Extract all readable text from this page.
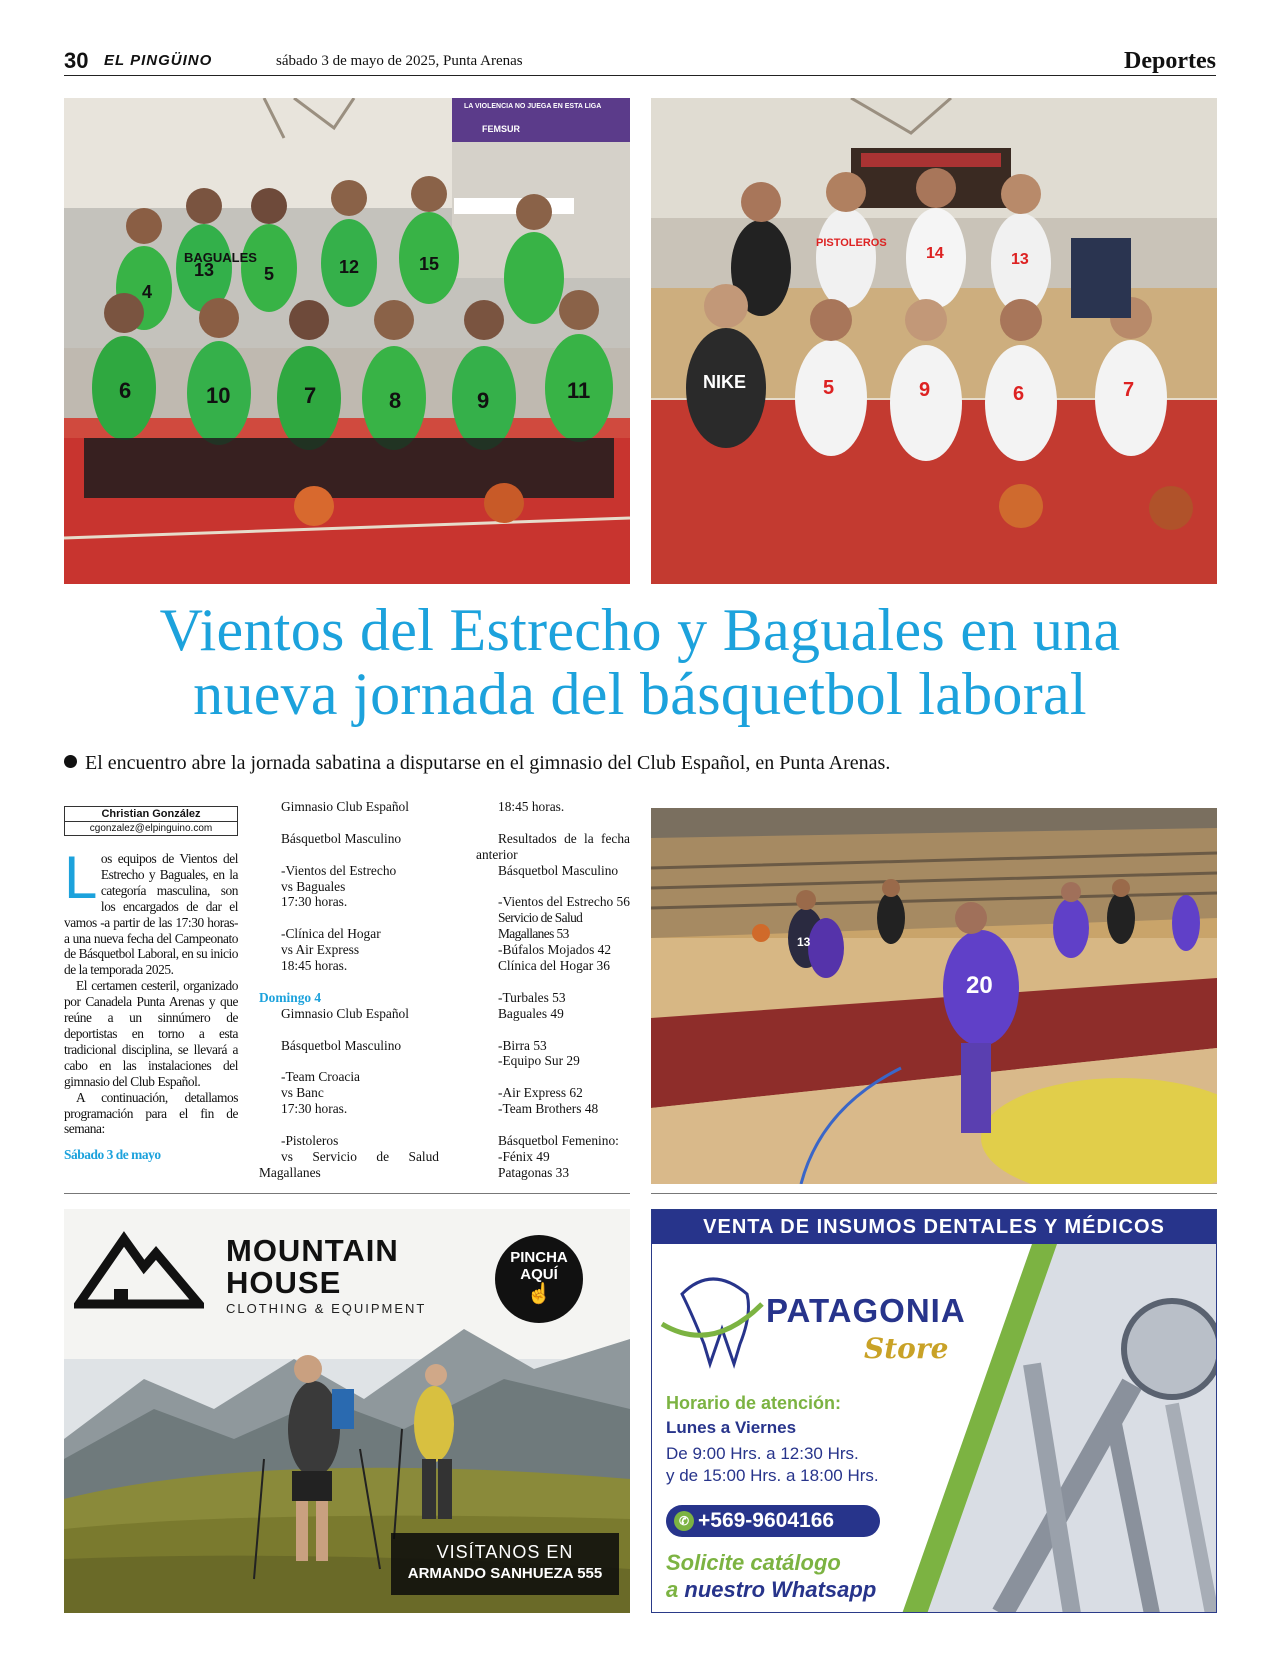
30 EL PINGÜINO	sábado 3 de mayo de 2025, Punta Arenas	Deportes
LA VIOLENCIA NO JUEGA EN ESTA LIGA
FEMSUR
BAGUALES
4
13	5	12	15
6	10	7	8	9	11
PISTOLEROS
14	13
5	9	6	7
NIKE
Vientos del Estrecho y Baguales en una
nueva jornada del básquetbol laboral
El encuentro abre la jornada sabatina a disputarse en el gimnasio del Club Español, en Punta Arenas.
Christian González
cgonzalez@elpinguino.com

Los equipos de Vientos del Estrecho y Baguales, en la categoría masculina, son los encargados de dar el vamos -a partir de las 17:30 horas- a una nueva fecha del Campeonato de Básquetbol Laboral, en su inicio de la temporada 2025.

El certamen cesteril, organizado por Canadela Punta Arenas y que reúne a un sinnúmero de deportistas en torno a esta tradicional disciplina, se llevará a cabo en las instalaciones del gimnasio del Club Español.

A continuación, detallamos programación para el fin de semana:

Sábado 3 de mayo

Gimnasio Club Español
Básquetbol Masculino
-Vientos del Estrecho
vs Baguales
17:30 horas.
-Clínica del Hogar
vs Air Express
18:45 horas.
Domingo 4
Gimnasio Club Español
Básquetbol Masculino
-Team Croacia
vs Banc
17:30 horas.
-Pistoleros
vs Servicio de Salud Magallanes
18:45 horas.
Resultados de la fecha anterior
Básquetbol Masculino
-Vientos del Estrecho 56
Servicio de Salud Magallanes 53
-Búfalos Mojados 42
Clínica del Hogar 36
-Turbales 53
Baguales 49
-Birra 53
-Equipo Sur 29
-Air Express 62
-Team Brothers 48
Básquetbol Femenino:
-Fénix 49
Patagonas 33
13
20
MOUNTAIN
HOUSE
CLOTHING & EQUIPMENT
PINCHA
AQUÍ
☝
VISÍTANOS EN
ARMANDO SANHUEZA 555
VENTA DE INSUMOS DENTALES Y MÉDICOS
PATAGONIA
Store
Horario de atención:
Lunes a Viernes
De 9:00 Hrs. a 12:30 Hrs.
y de 15:00 Hrs. a 18:00 Hrs.
✆ +569-9604166
Solicite catálogo
a nuestro Whatsapp
